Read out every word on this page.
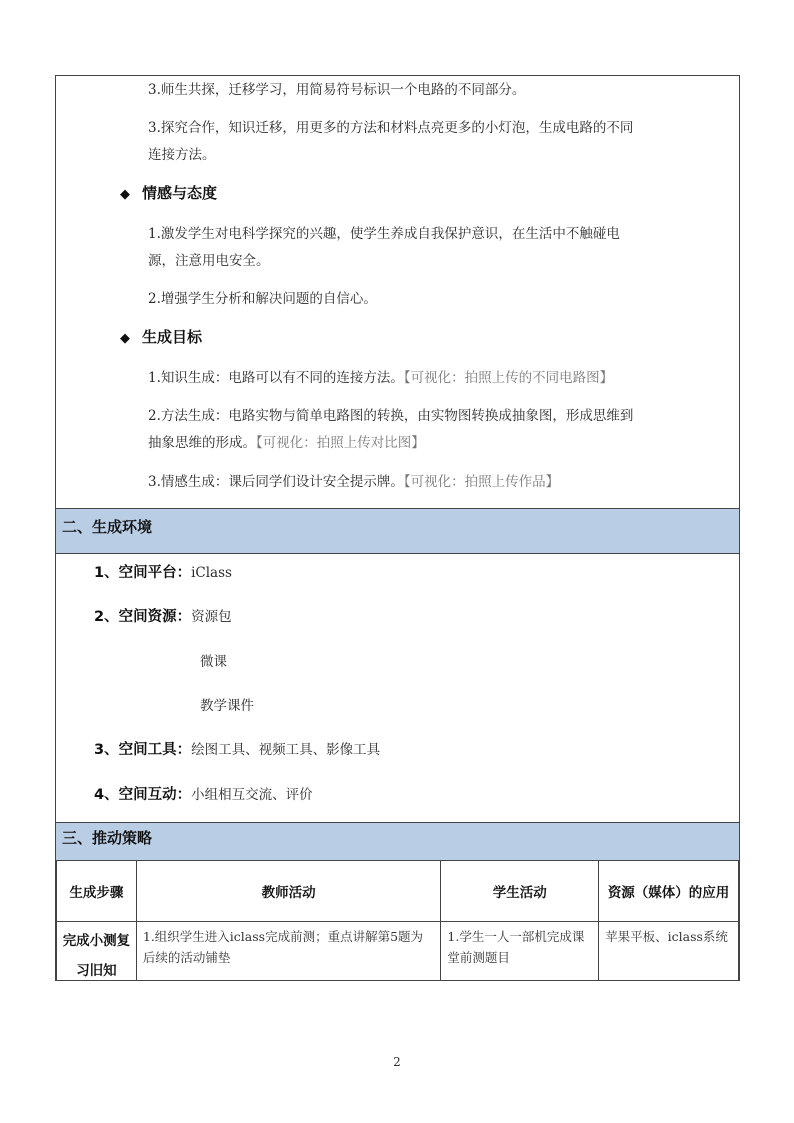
3.师生共探，迁移学习，用简易符号标识一个电路的不同部分。
3.探究合作，知识迁移，用更多的方法和材料点亮更多的小灯泡，生成电路的不同
连接方法。
◆ 情感与态度
1.激发学生对电科学探究的兴趣，使学生养成自我保护意识，在生活中不触碰电
源，注意用电安全。
2.增强学生分析和解决问题的自信心。
◆ 生成目标
1.知识生成：电路可以有不同的连接方法。【可视化：拍照上传的不同电路图】
2.方法生成：电路实物与简单电路图的转换，由实物图转换成抽象图，形成思维到
抽象思维的形成。【可视化：拍照上传对比图】
3.情感生成：课后同学们设计安全提示牌。【可视化：拍照上传作品】
二、生成环境
1、空间平台：iClass
2、空间资源：资源包
微课
教学课件
3、空间工具：绘图工具、视频工具、影像工具
4、空间互动：小组相互交流、评价
三、推动策略
生成步骤	教师活动	学生活动	资源（媒体）的应用
完成小测复习旧知	1.组织学生进入iclass完成前测；重点讲解第5题为后续的活动铺垫	1.学生一人一部机完成课堂前测题目	苹果平板、iclass系统
2
